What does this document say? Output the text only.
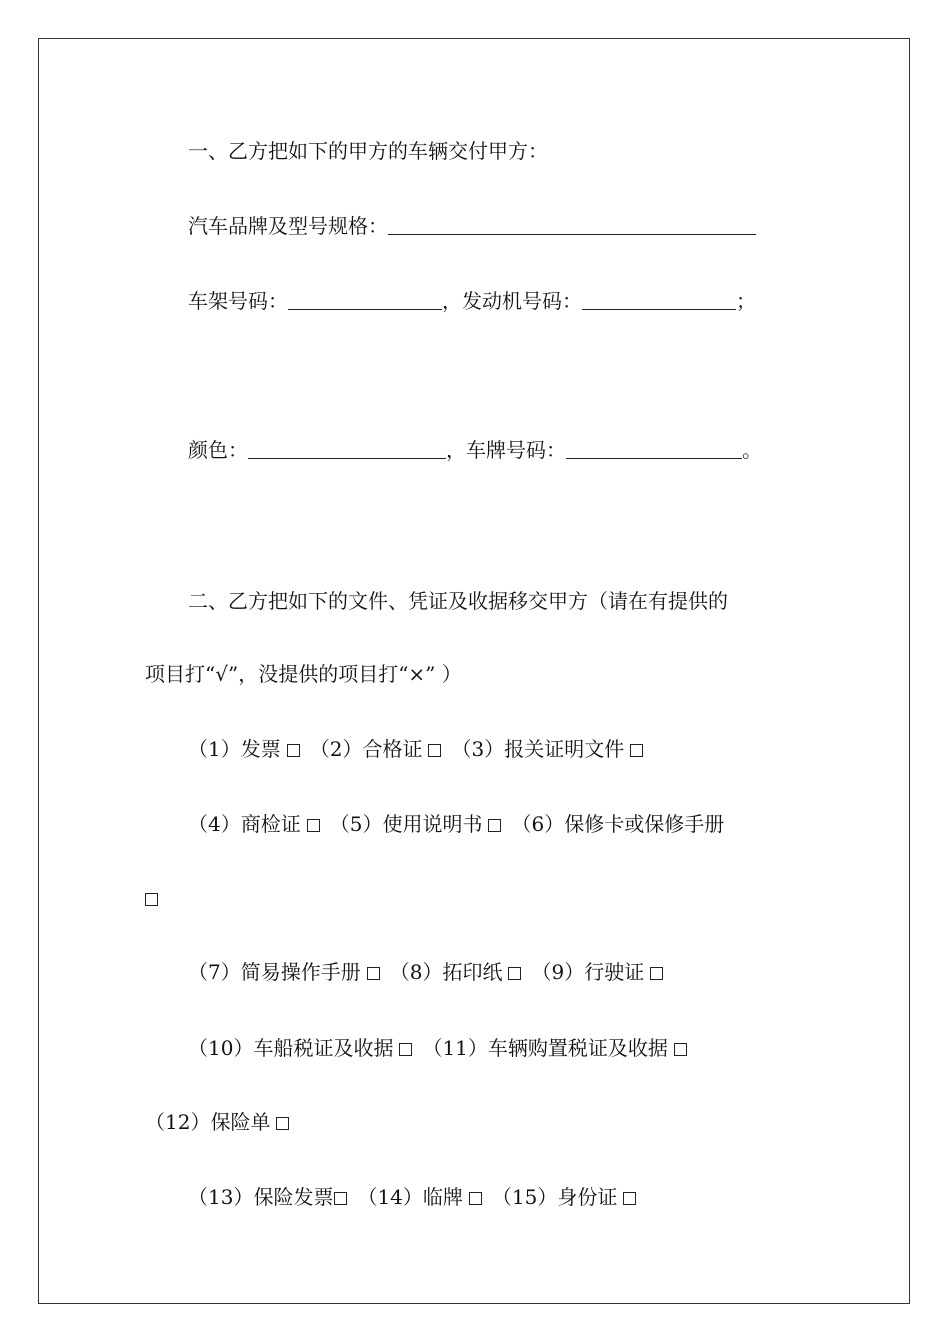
一、乙方把如下的甲方的车辆交付甲方：
汽车品牌及型号规格：
车架号码：	，发动机号码：	；
颜色：	，车牌号码：	。
二、乙方把如下的文件、凭证及收据移交甲方（请在有提供的
项目打“√”，没提供的项目打“×” ）
（1）发票 （2）合格证 （3）报关证明文件
（4）商检证 （5）使用说明书 （6）保修卡或保修手册
（7）简易操作手册 （8）拓印纸 （9）行驶证
（10）车船税证及收据 （11）车辆购置税证及收据
（12）保险单
（13）保险发票 （14）临牌 （15）身份证
